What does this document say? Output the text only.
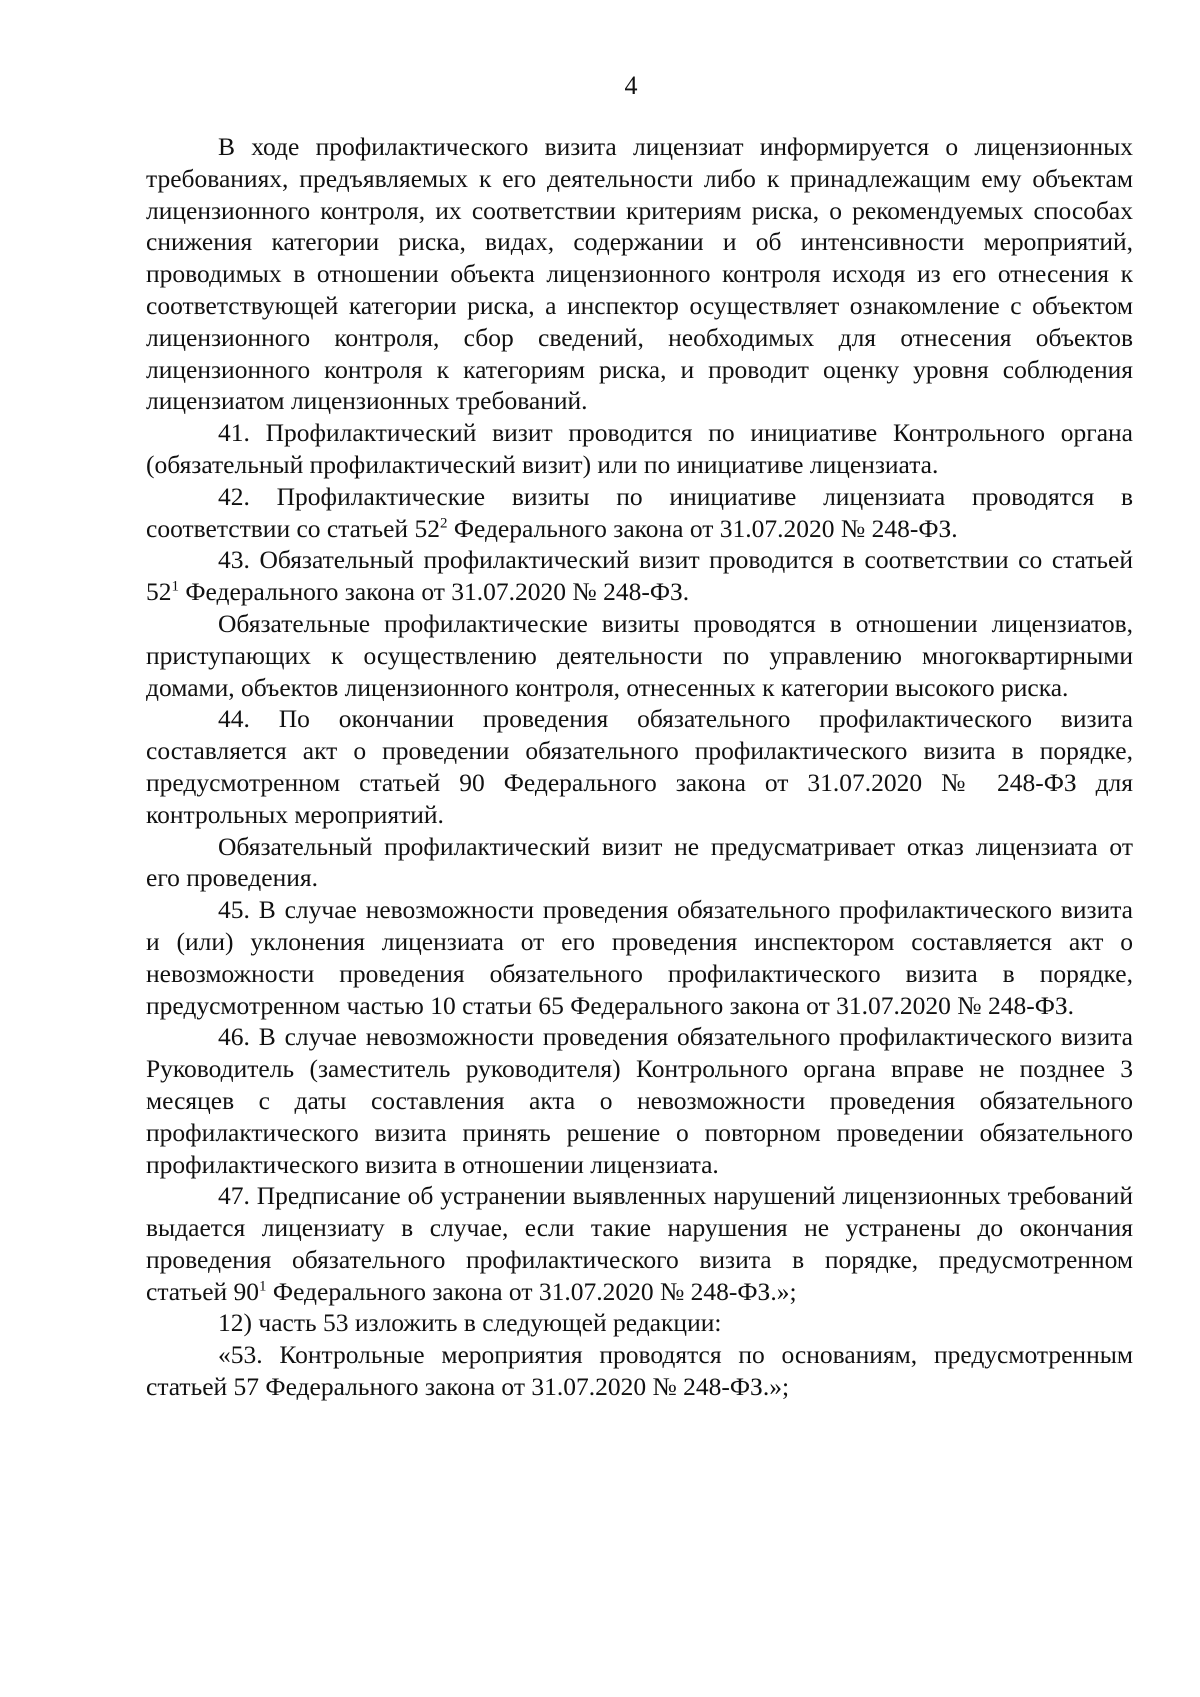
4

В ходе профилактического визита лицензиат информируется о лицензионных требованиях, предъявляемых к его деятельности либо к принадлежащим ему объектам лицензионного контроля, их соответствии критериям риска, о рекомендуемых способах снижения категории риска, видах, содержании и об интенсивности мероприятий, проводимых в отношении объекта лицензионного контроля исходя из его отнесения к соответствующей категории риска, а инспектор осуществляет ознакомление с объектом лицензионного контроля, сбор сведений, необходимых для отнесения объектов лицензионного контроля к категориям риска, и проводит оценку уровня соблюдения лицензиатом лицензионных требований.

41. Профилактический визит проводится по инициативе Контрольного органа (обязательный профилактический визит) или по инициативе лицензиата.

42. Профилактические визиты по инициативе лицензиата проводятся в соответствии со статьей $52^2$ Федерального закона от 31.07.2020 № 248-ФЗ.

43. Обязательный профилактический визит проводится в соответствии со статьей $52^1$ Федерального закона от 31.07.2020 № 248-ФЗ.

Обязательные профилактические визиты проводятся в отношении лицензиатов, приступающих к осуществлению деятельности по управлению многоквартирными домами, объектов лицензионного контроля, отнесенных к категории высокого риска.

44. По окончании проведения обязательного профилактического визита составляется акт о проведении обязательного профилактического визита в порядке, предусмотренном статьей 90 Федерального закона от 31.07.2020 № 248-ФЗ для контрольных мероприятий.

Обязательный профилактический визит не предусматривает отказ лицензиата от его проведения.

45. В случае невозможности проведения обязательного профилактического визита и (или) уклонения лицензиата от его проведения инспектором составляется акт о невозможности проведения обязательного профилактического визита в порядке, предусмотренном частью 10 статьи 65 Федерального закона от 31.07.2020 № 248-ФЗ.

46. В случае невозможности проведения обязательного профилактического визита Руководитель (заместитель руководителя) Контрольного органа вправе не позднее 3 месяцев с даты составления акта о невозможности проведения обязательного профилактического визита принять решение о повторном проведении обязательного профилактического визита в отношении лицензиата.

47. Предписание об устранении выявленных нарушений лицензионных требований выдается лицензиату в случае, если такие нарушения не устранены до окончания проведения обязательного профилактического визита в порядке, предусмотренном статьей $90^1$ Федерального закона от 31.07.2020 № 248-ФЗ.»;

12) часть 53 изложить в следующей редакции:

«53. Контрольные мероприятия проводятся по основаниям, предусмотренным статьей 57 Федерального закона от 31.07.2020 № 248-ФЗ.»;
